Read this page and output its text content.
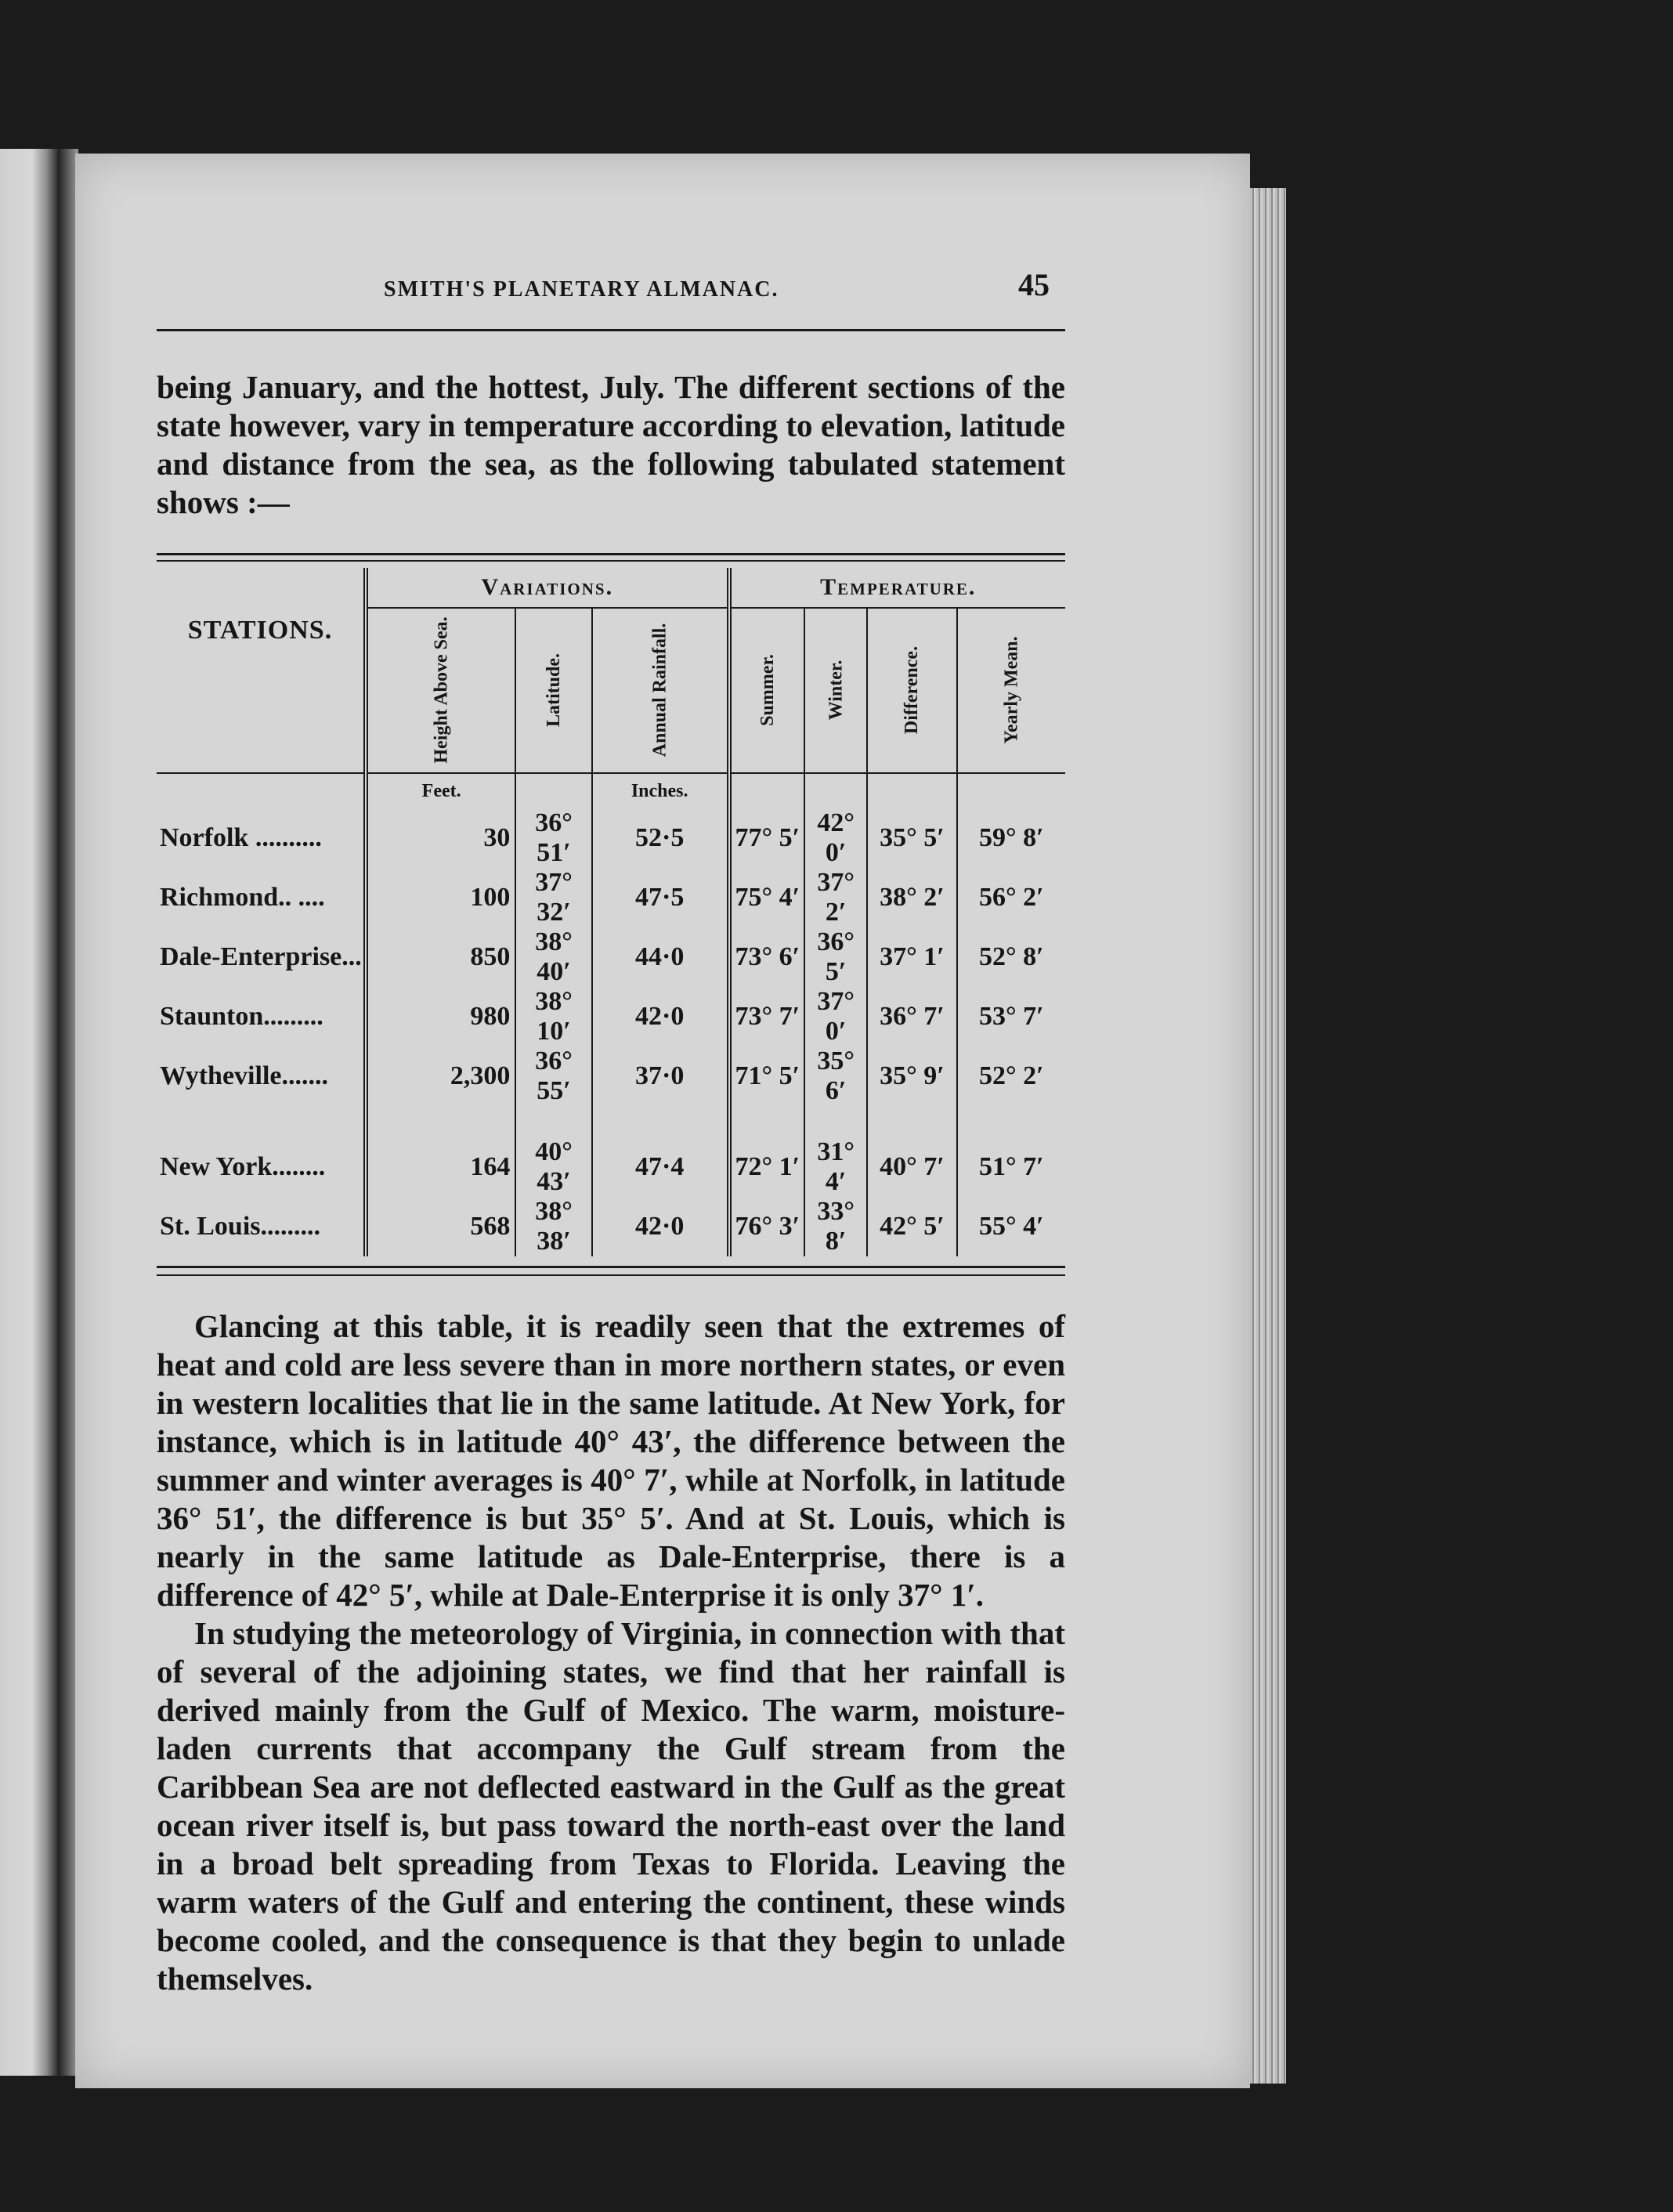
SMITH'S PLANETARY ALMANAC.	45

being January, and the hottest, July. The different sections of the state however, vary in temperature according to elevation, latitude and distance from the sea, as the following tabulated statement shows :—

	Variations.			Temperature.			
STATIONS.	Height Above Sea.	Latitude.	Annual Rainfall.	Summer.	Winter.	Difference.	Yearly Mean.
	Feet.		Inches.				
Norfolk ..........	30	36° 51′	52·5	77° 5′	42° 0′	35° 5′	59° 8′
Richmond.. ....	100	37° 32′	47·5	75° 4′	37° 2′	38° 2′	56° 2′
Dale-Enterprise...	850	38° 40′	44·0	73° 6′	36° 5′	37° 1′	52° 8′
Staunton.........	980	38° 10′	42·0	73° 7′	37° 0′	36° 7′	53° 7′
Wytheville.......	2,300	36° 55′	37·0	71° 5′	35° 6′	35° 9′	52° 2′

New York........	164	40° 43′	47·4	72° 1′	31° 4′	40° 7′	51° 7′
St. Louis.........	568	38° 38′	42·0	76° 3′	33° 8′	42° 5′	55° 4′

Glancing at this table, it is readily seen that the extremes of heat and cold are less severe than in more northern states, or even in western localities that lie in the same latitude. At New York, for instance, which is in latitude 40° 43′, the difference between the summer and winter averages is 40° 7′, while at Norfolk, in latitude 36° 51′, the difference is but 35° 5′. And at St. Louis, which is nearly in the same latitude as Dale-Enterprise, there is a difference of 42° 5′, while at Dale-Enterprise it is only 37° 1′.

In studying the meteorology of Virginia, in connection with that of several of the adjoining states, we find that her rainfall is derived mainly from the Gulf of Mexico. The warm, moisture-laden currents that accompany the Gulf stream from the Caribbean Sea are not deflected eastward in the Gulf as the great ocean river itself is, but pass toward the north-east over the land in a broad belt spreading from Texas to Florida. Leaving the warm waters of the Gulf and entering the continent, these winds become cooled, and the consequence is that they begin to unlade themselves.
